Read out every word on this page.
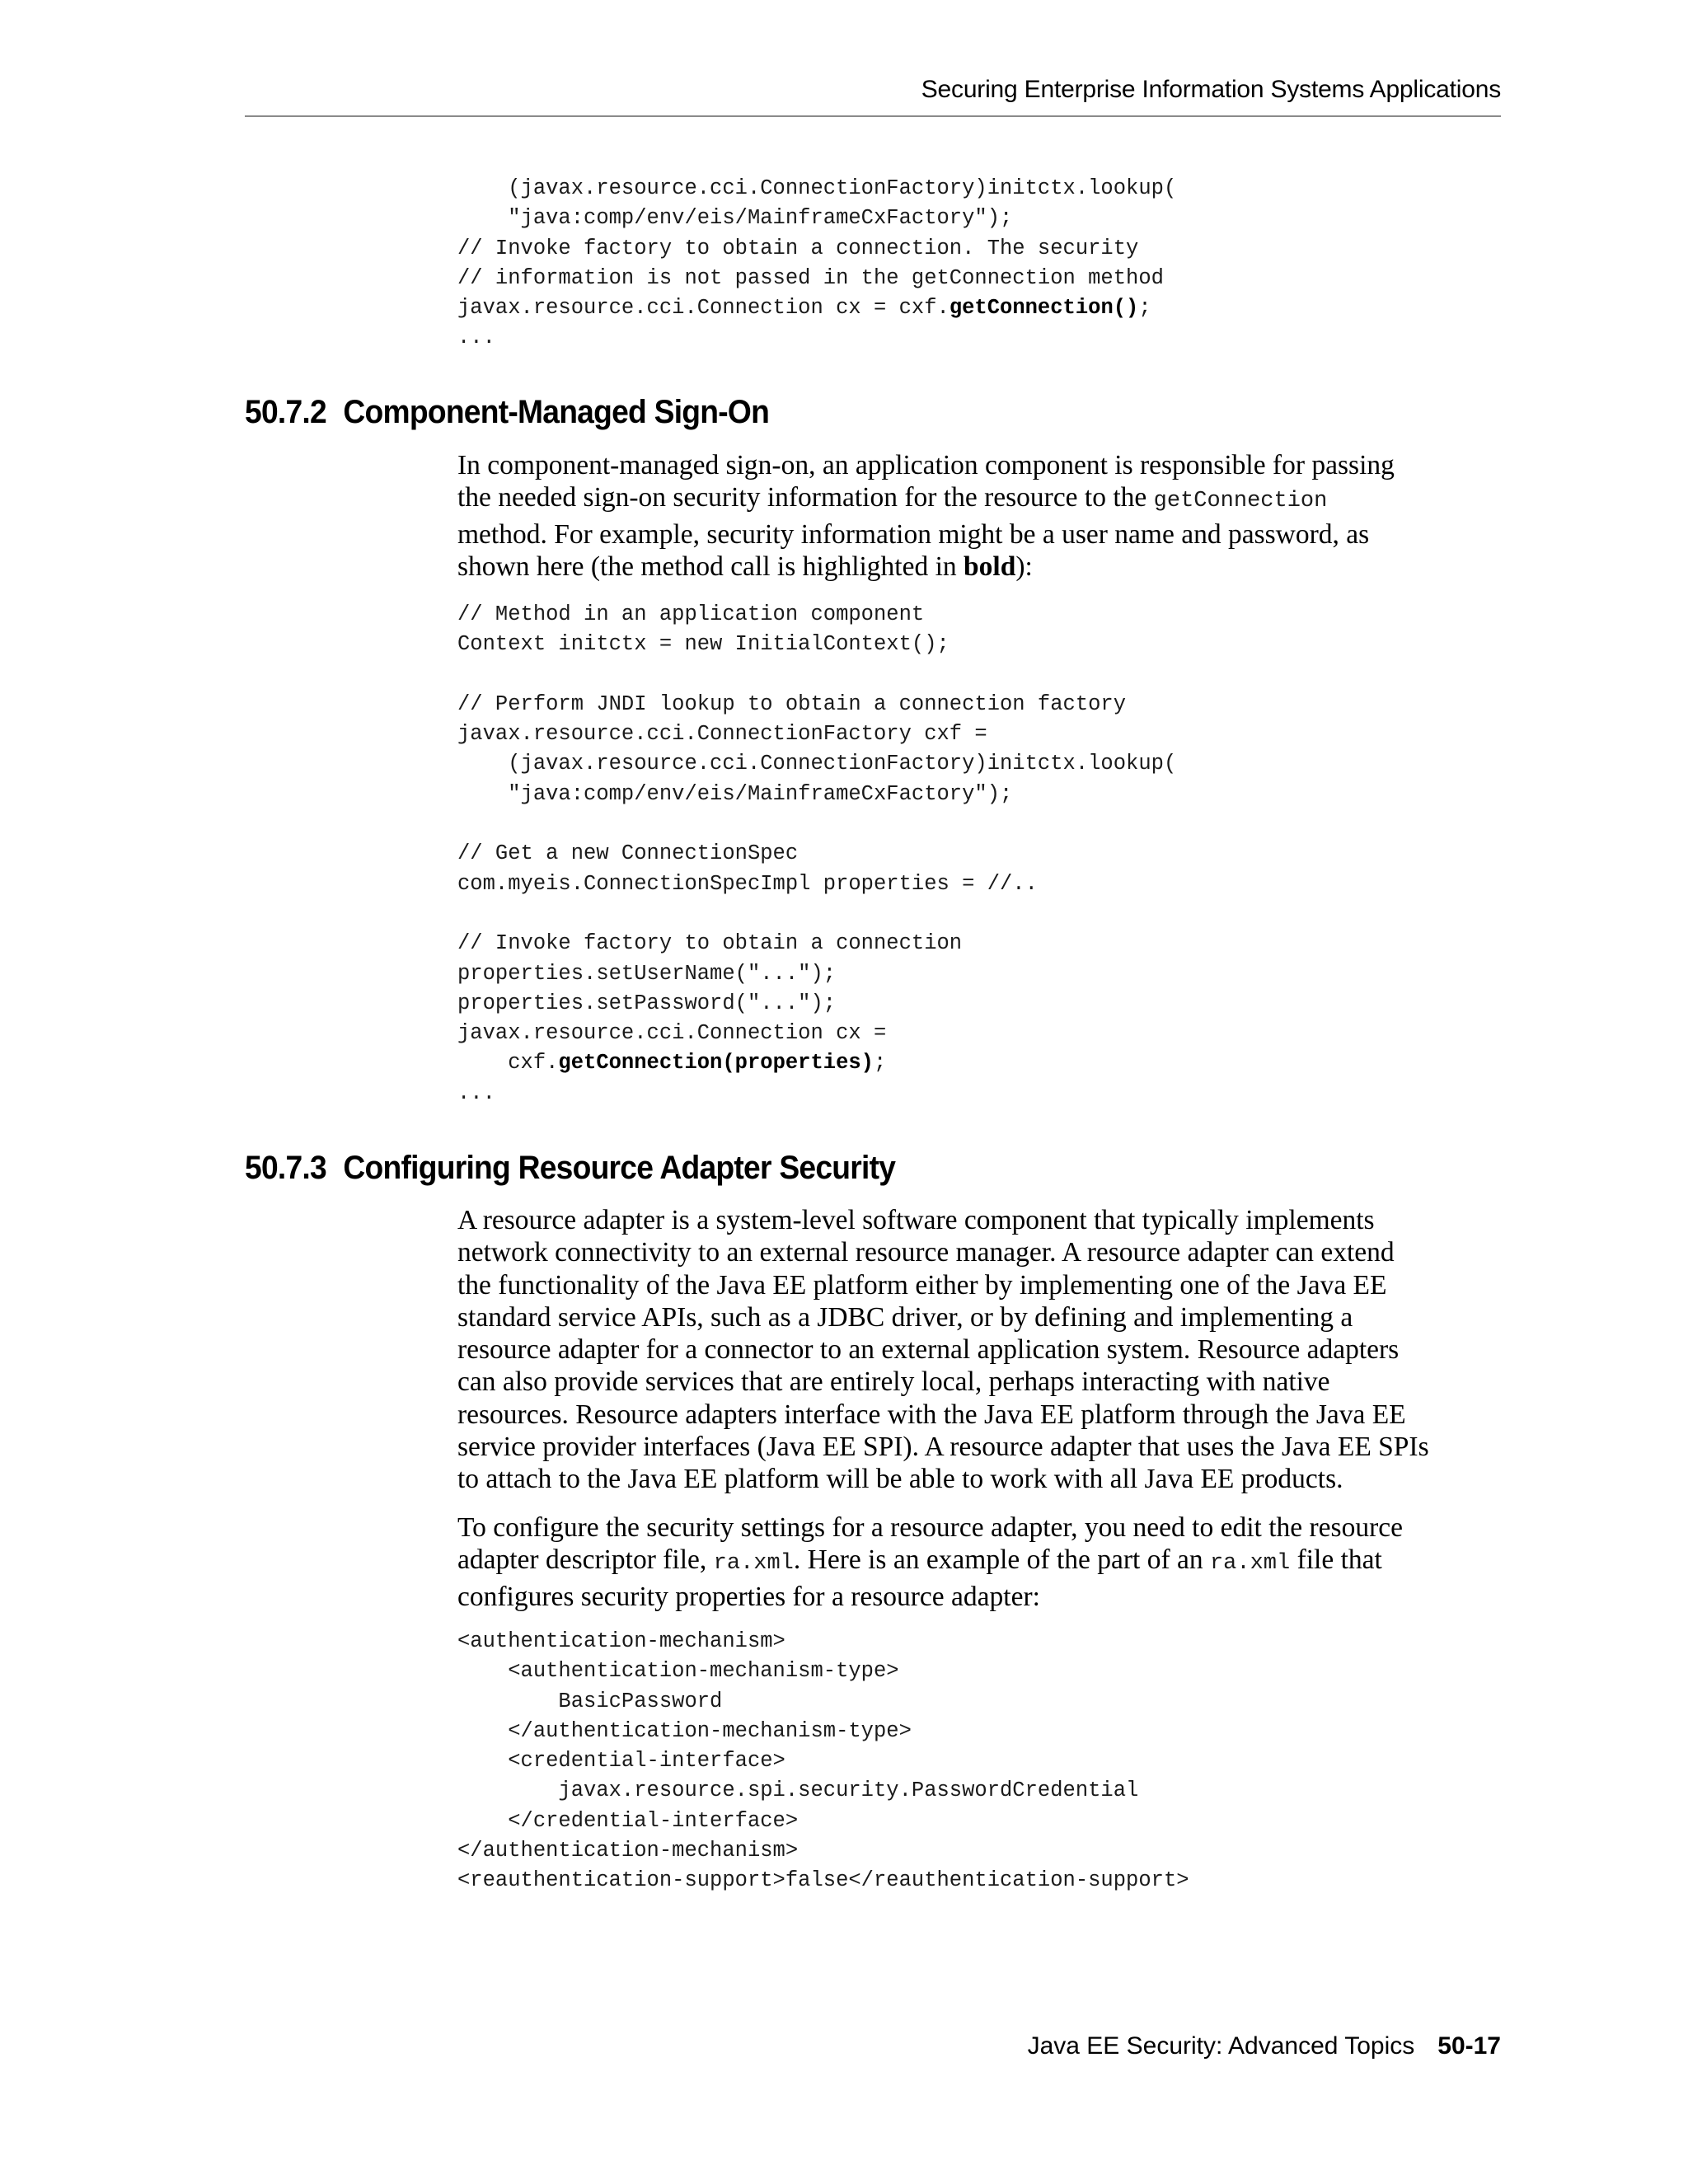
Securing Enterprise Information Systems Applications
(javax.resource.cci.ConnectionFactory)initctx.lookup(
"java:comp/env/eis/MainframeCxFactory");
// Invoke factory to obtain a connection. The security
// information is not passed in the getConnection method
javax.resource.cci.Connection cx = cxf.getConnection();
...
50.7.2 Component-Managed Sign-On

In component-managed sign-on, an application component is responsible for passing
the needed sign-on security information for the resource to the getConnection
method. For example, security information might be a user name and password, as
shown here (the method call is highlighted in bold):

// Method in an application component
Context initctx = new InitialContext();
// Perform JNDI lookup to obtain a connection factory
javax.resource.cci.ConnectionFactory cxf =
(javax.resource.cci.ConnectionFactory)initctx.lookup(
"java:comp/env/eis/MainframeCxFactory");
// Get a new ConnectionSpec
com.myeis.ConnectionSpecImpl properties = //..
// Invoke factory to obtain a connection
properties.setUserName("...");
properties.setPassword("...");
javax.resource.cci.Connection cx =
cxf.getConnection(properties);
...
50.7.3 Configuring Resource Adapter Security

A resource adapter is a system-level software component that typically implements
network connectivity to an external resource manager. A resource adapter can extend
the functionality of the Java EE platform either by implementing one of the Java EE
standard service APIs, such as a JDBC driver, or by defining and implementing a
resource adapter for a connector to an external application system. Resource adapters
can also provide services that are entirely local, perhaps interacting with native
resources. Resource adapters interface with the Java EE platform through the Java EE
service provider interfaces (Java EE SPI). A resource adapter that uses the Java EE SPIs
to attach to the Java EE platform will be able to work with all Java EE products.

To configure the security settings for a resource adapter, you need to edit the resource
adapter descriptor file, ra.xml. Here is an example of the part of an ra.xml file that
configures security properties for a resource adapter:

<authentication-mechanism>
<authentication-mechanism-type>
BasicPassword
</authentication-mechanism-type>
<credential-interface>
javax.resource.spi.security.PasswordCredential
</credential-interface>
</authentication-mechanism>
<reauthentication-support>false</reauthentication-support>
Java EE Security: Advanced Topics 50-17
